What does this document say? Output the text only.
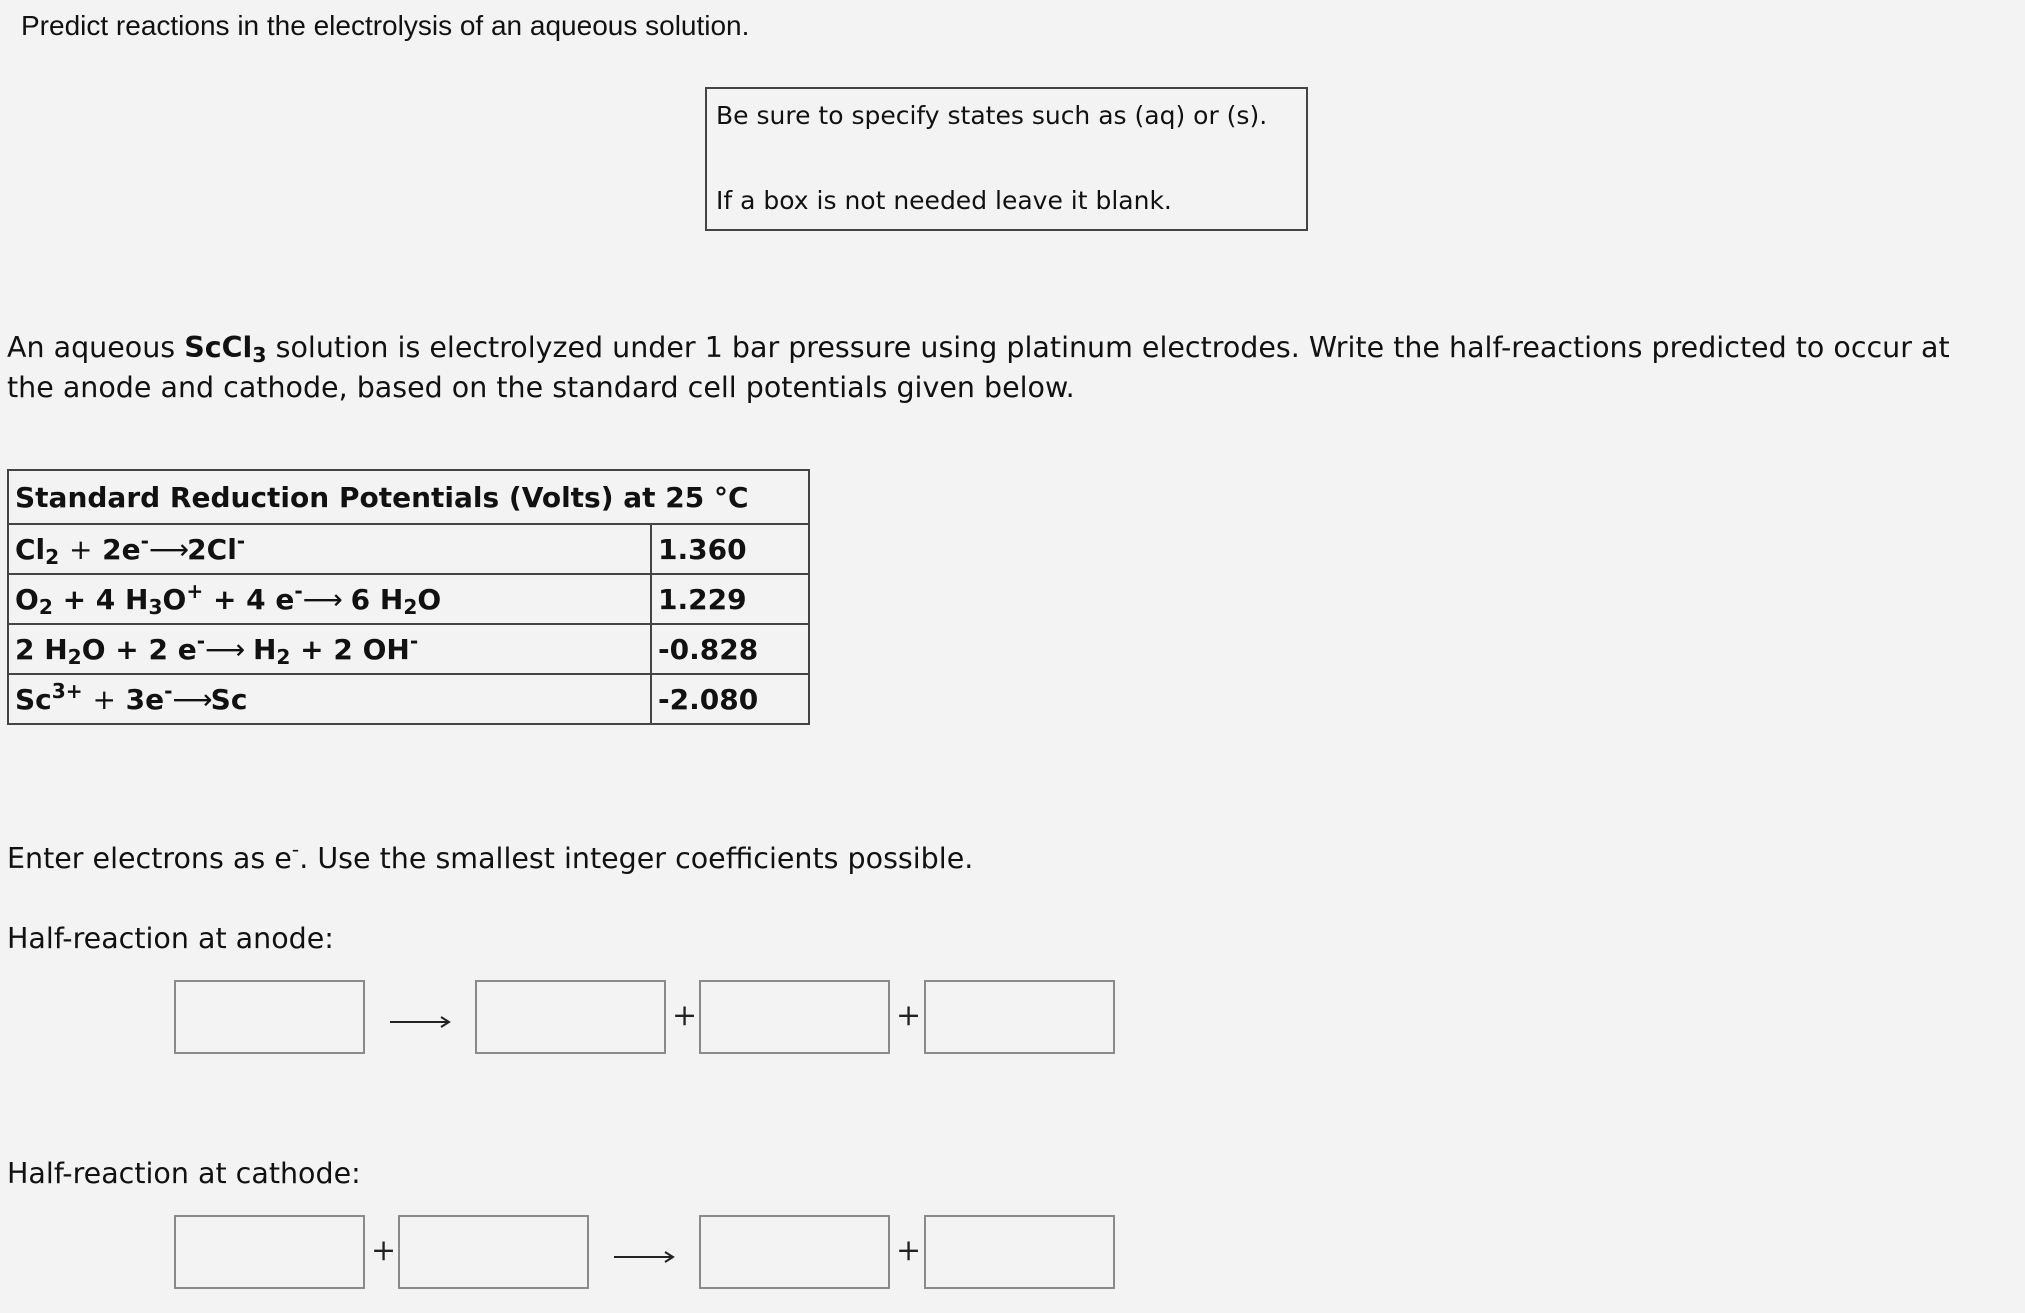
Predict reactions in the electrolysis of an aqueous solution.
Be sure to specify states such as (aq) or (s).
If a box is not needed leave it blank.
An aqueous ScCl$_3$ solution is electrolyzed under 1 bar pressure using platinum electrodes. Write the half-reactions predicted to occur at the anode and cathode, based on the standard cell potentials given below.
Standard Reduction Potentials (Volts) at 25 °C	
$Cl_2$ + 2e-⟶2Cl-	1.360
$O_2 + 4$ $H_3O^+ + 4$ e-⟶ 6 $H_2O$	1.229
2 $H_2O + 2$ e-⟶ $H_2 + 2$ OH-	-0.828
$Sc^{3+}$ + 3e-⟶Sc	-2.080
Enter electrons as e-. Use the smallest integer coefficients possible.
Half-reaction at anode:
+	+
Half-reaction at cathode:
+	+
